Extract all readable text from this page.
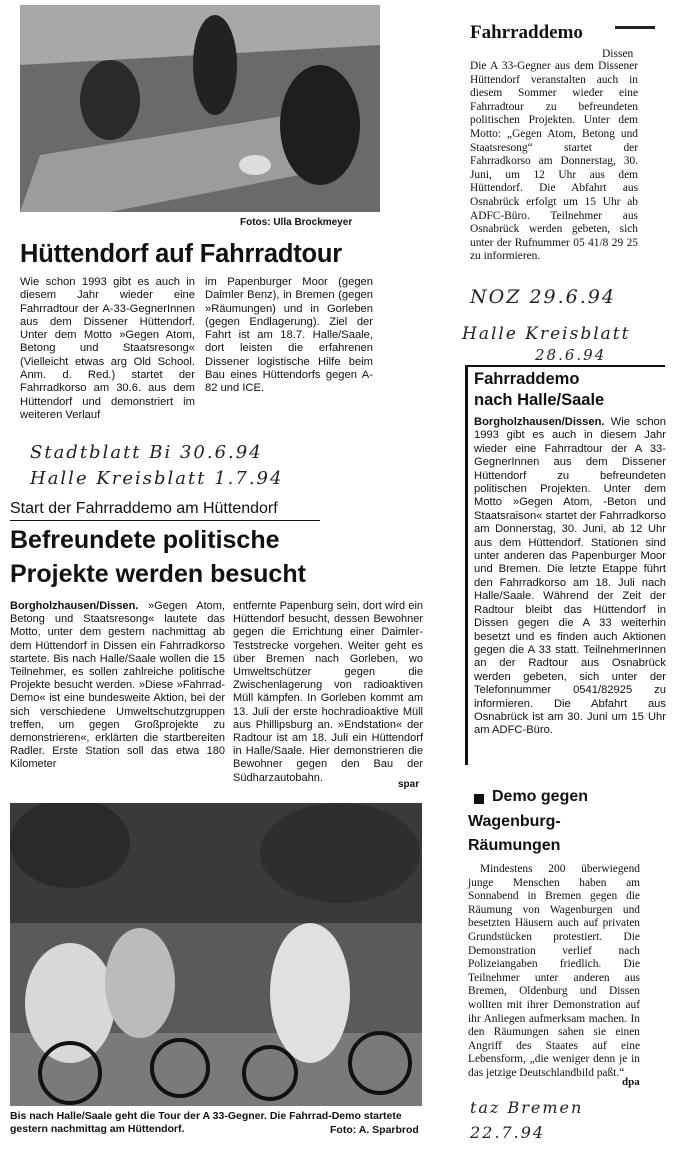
Fotos: Ulla Brockmeyer
Hüttendorf auf Fahrradtour
Wie schon 1993 gibt es auch in diesem Jahr wieder eine Fahrradtour der A-33-GegnerInnen aus dem Dissener Hüttendorf. Unter dem Motto »Gegen Atom, Betong und Staatsresong« (Vielleicht etwas arg Old School. Anm. d. Red.) startet der Fahrradkorso am 30.6. aus dem Hüttendorf und demonstriert im weiteren Verlauf
im Papenburger Moor (gegen Daimler Benz), in Bremen (gegen »Räumungen) und in Gorleben (gegen Endlagerung). Ziel der Fahrt ist am 18.7. Halle/Saale, dort leisten die erfahrenen Dissener logistische Hilfe beim Bau eines Hüttendorfs gegen A-82 und ICE.
Stadtblatt Bi 30.6.94
Halle Kreisblatt 1.7.94
Start der Fahrraddemo am Hüttendorf
Befreundete politische
Projekte werden besucht

Borgholzhausen/Dissen. »Gegen Atom, Betong und Staatsresong« lautete das Motto, unter dem gestern nachmittag ab dem Hüttendorf in Dissen ein Fahrradkorso startete. Bis nach Halle/Saale wollen die 15 Teilnehmer, es sollen zahlreiche politische Projekte besucht werden. »Diese »Fahrrad-Demo« ist eine bundesweite Aktion, bei der sich verschiedene Umweltschutzgruppen treffen, um gegen Großprojekte zu demonstrieren«, erklärten die startbereiten Radler. Erste Station soll das etwa 180 Kilometer

entfernte Papenburg sein, dort wird ein Hüttendorf besucht, dessen Bewohner gegen die Errichtung einer Daimler-Teststrecke vorgehen. Weiter geht es über Bremen nach Gorleben, wo Umweltschützer gegen die Zwischenlagerung von radioaktiven Müll kämpfen. In Gorleben kommt am 13. Juli der erste hochradioaktive Müll aus Phillipsburg an. »Endstation« der Radtour ist am 18. Juli ein Hüttendorf in Halle/Saale. Hier demonstrieren die Bewohner gegen den Bau der Südharzautobahn.
spar
Bis nach Halle/Saale geht die Tour der A 33-Gegner. Die Fahrrad-Demo startete gestern nachmittag am Hüttendorf.	Foto: A. Sparbrod
Fahrraddemo
Dissen
Die A 33-Gegner aus dem Dissener Hüttendorf veranstalten auch in diesem Sommer wieder eine Fahrradtour zu befreundeten politischen Projekten. Unter dem Motto: „Gegen Atom, Betong und Staatsresong“ startet der Fahrradkorso am Donnerstag, 30. Juni, um 12 Uhr aus dem Hüttendorf. Die Abfahrt aus Osnabrück erfolgt um 15 Uhr ab ADFC-Büro. Teilnehmer aus Osnabrück werden gebeten, sich unter der Rufnummer 05 41/8 29 25 zu informieren.
NOZ 29.6.94
Halle Kreisblatt
28.6.94
Fahrraddemo
nach Halle/Saale

Borgholzhausen/Dissen. Wie schon 1993 gibt es auch in diesem Jahr wieder eine Fahrradtour der A 33-GegnerInnen aus dem Dissener Hüttendorf zu befreundeten politischen Projekten. Unter dem Motto »Gegen Atom, -Beton und Staatsraison« startet der Fahrradkorso am Donnerstag, 30. Juni, ab 12 Uhr aus dem Hüttendorf. Stationen sind unter anderen das Papenburger Moor und Bremen. Die letzte Etappe führt den Fahrradkorso am 18. Juli nach Halle/Saale. Während der Zeit der Radtour bleibt das Hüttendorf in Dissen gegen die A 33 weiterhin besetzt und es finden auch Aktionen gegen die A 33 statt. TeilnehmerInnen an der Radtour aus Osnabrück werden gebeten, sich unter der Telefonnummer 0541/82925 zu informieren. Die Abfahrt aus Osnabrück ist am 30. Juni um 15 Uhr am ADFC-Büro.

Demo gegen
Wagenburg-
Räumungen
Mindestens 200 überwiegend junge Menschen haben am Sonnabend in Bremen gegen die Räumung von Wagenburgen und besetzten Häusern auch auf privaten Grundstücken protestiert. Die Demonstration verlief nach Polizeiangaben friedlich. Die Teilnehmer unter anderen aus Bremen, Oldenburg und Dissen wollten mit ihrer Demonstration auf ihr Anliegen aufmerksam machen. In den Räumungen sahen sie einen Angriff des Staates auf eine Lebensform, „die weniger denn je in das jetzige Deutschlandbild paßt.“
dpa
taz Bremen
22.7.94
